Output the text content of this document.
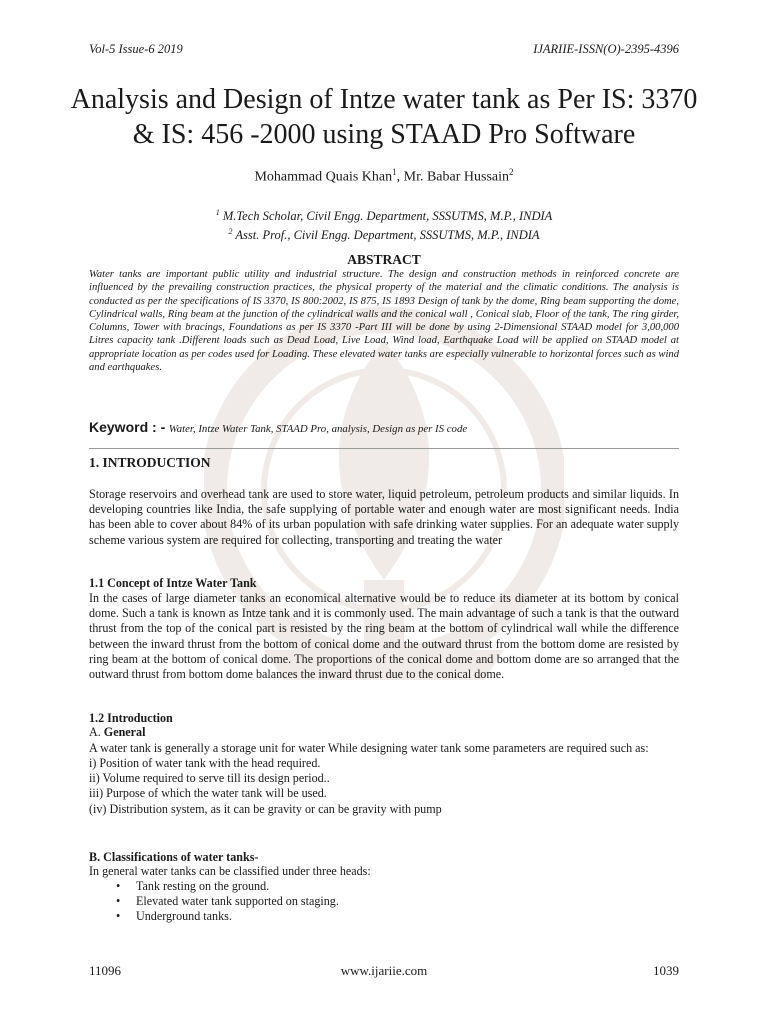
Vol-5 Issue-6 2019	IJARIIE-ISSN(O)-2395-4396
Analysis and Design of Intze water tank as Per IS: 3370 & IS: 456 -2000 using STAAD Pro Software
Mohammad Quais Khan$^1$, Mr. Babar Hussain$^2$
$^1$ M.Tech Scholar, Civil Engg. Department, SSSUTMS, M.P., INDIA
$^2$ Asst. Prof., Civil Engg. Department, SSSUTMS, M.P., INDIA
ABSTRACT

Water tanks are important public utility and industrial structure. The design and construction methods in reinforced concrete are influenced by the prevailing construction practices, the physical property of the material and the climatic conditions. The analysis is conducted as per the specifications of IS 3370, IS 800:2002, IS 875, IS 1893 Design of tank by the dome, Ring beam supporting the dome, Cylindrical walls, Ring beam at the junction of the cylindrical walls and the conical wall , Conical slab, Floor of the tank, The ring girder, Columns, Tower with bracings, Foundations as per IS 3370 -Part III will be done by using 2-Dimensional STAAD model for 3,00,000 Litres capacity tank .Different loads such as Dead Load, Live Load, Wind load, Earthquake Load will be applied on STAAD model at appropriate location as per codes used for Loading. These elevated water tanks are especially vulnerable to horizontal forces such as wind and earthquakes.

Keyword : - Water, Intze Water Tank, STAAD Pro, analysis, Design as per IS code
1. INTRODUCTION

Storage reservoirs and overhead tank are used to store water, liquid petroleum, petroleum products and similar liquids. In developing countries like India, the safe supplying of portable water and enough water are most significant needs. India has been able to cover about 84% of its urban population with safe drinking water supplies. For an adequate water supply scheme various system are required for collecting, transporting and treating the water

1.1 Concept of Intze Water Tank

In the cases of large diameter tanks an economical alternative would be to reduce its diameter at its bottom by conical dome. Such a tank is known as Intze tank and it is commonly used. The main advantage of such a tank is that the outward thrust from the top of the conical part is resisted by the ring beam at the bottom of cylindrical wall while the difference between the inward thrust from the bottom of conical dome and the outward thrust from the bottom dome are resisted by ring beam at the bottom of conical dome. The proportions of the conical dome and bottom dome are so arranged that the outward thrust from bottom dome balances the inward thrust due to the conical dome.

1.2 Introduction
A. General
A water tank is generally a storage unit for water While designing water tank some parameters are required such as:
i) Position of water tank with the head required.
ii) Volume required to serve till its design period..
iii) Purpose of which the water tank will be used.
(iv) Distribution system, as it can be gravity or can be gravity with pump
B. Classifications of water tanks-
In general water tanks can be classified under three heads:
• Tank resting on the ground.
• Elevated water tank supported on staging.
• Underground tanks.
11096	www.ijariie.com	1039
